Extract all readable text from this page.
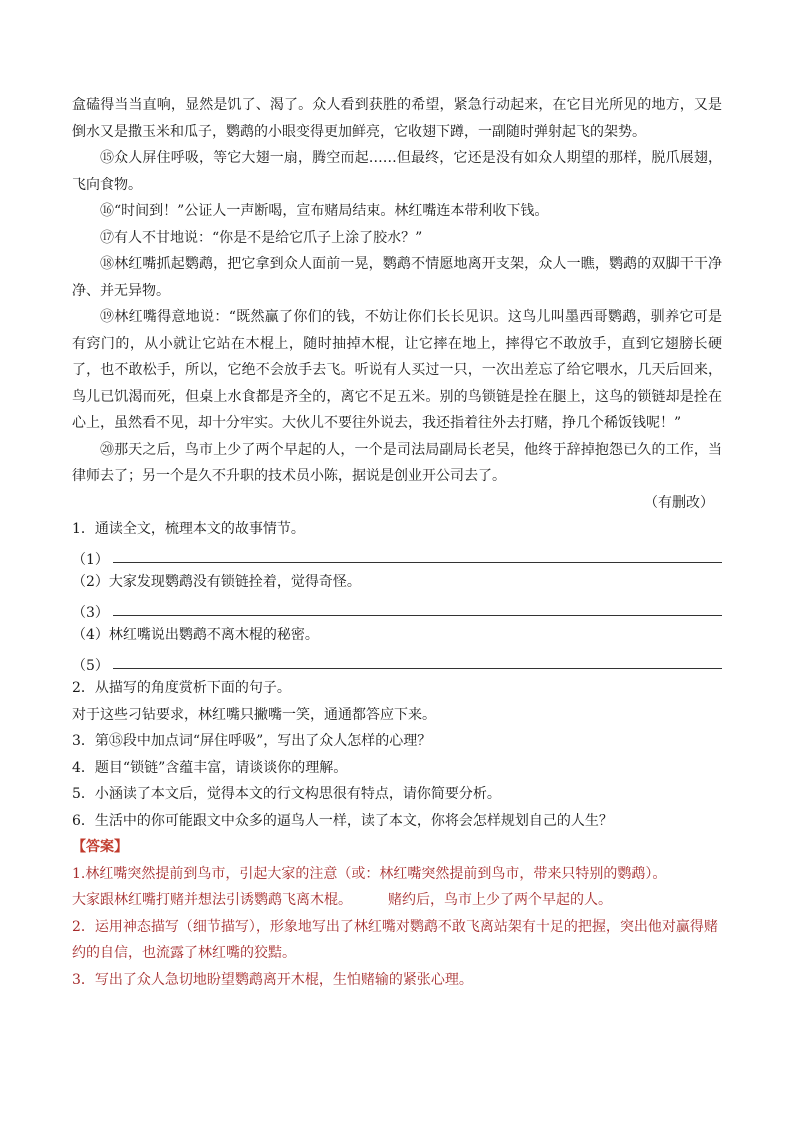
盒磕得当当直响，显然是饥了、渴了。众人看到获胜的希望，紧急行动起来，在它目光所见的地方，又是倒水又是撒玉米和瓜子，鹦鹉的小眼变得更加鲜亮，它收翅下蹲，一副随时弹射起飞的架势。

⑮众人屏住呼吸，等它大翅一扇，腾空而起……但最终，它还是没有如众人期望的那样，脱爪展翅，飞向食物。

⑯“时间到！”公证人一声断喝，宣布赌局结束。林红嘴连本带利收下钱。

⑰有人不甘地说：“你是不是给它爪子上涂了胶水？”

⑱林红嘴抓起鹦鹉，把它拿到众人面前一晃，鹦鹉不情愿地离开支架，众人一瞧，鹦鹉的双脚干干净净、并无异物。

⑲林红嘴得意地说：“既然赢了你们的钱，不妨让你们长长见识。这鸟儿叫墨西哥鹦鹉，驯养它可是有窍门的，从小就让它站在木棍上，随时抽掉木棍，让它摔在地上，摔得它不敢放手，直到它翅膀长硬了，也不敢松手，所以，它绝不会放手去飞。听说有人买过一只，一次出差忘了给它喂水，几天后回来，鸟儿已饥渴而死，但桌上水食都是齐全的，离它不足五米。别的鸟锁链是拴在腿上，这鸟的锁链却是拴在心上，虽然看不见，却十分牢实。大伙儿不要往外说去，我还指着往外去打赌，挣几个稀饭钱呢！”

⑳那天之后，鸟市上少了两个早起的人，一个是司法局副局长老吴，他终于辞掉抱怨已久的工作，当律师去了；另一个是久不升职的技术员小陈，据说是创业开公司去了。

（有删改）

1．通读全文，梳理本文的故事情节。

（1）

（2）大家发现鹦鹉没有锁链拴着，觉得奇怪。

（3）

（4）林红嘴说出鹦鹉不离木棍的秘密。

（5）

2．从描写的角度赏析下面的句子。

对于这些刁钻要求，林红嘴只撇嘴一笑，通通都答应下来。

3．第⑮段中加点词“屏住呼吸”，写出了众人怎样的心理？

4．题目“锁链”含蕴丰富，请谈谈你的理解。

5．小涵读了本文后，觉得本文的行文构思很有特点，请你简要分析。

6．生活中的你可能跟文中众多的逼鸟人一样，读了本文，你将会怎样规划自己的人生？

【答案】

1.林红嘴突然提前到鸟市，引起大家的注意（或：林红嘴突然提前到鸟市，带来只特别的鹦鹉）。

大家跟林红嘴打赌并想法引诱鹦鹉飞离木棍。	赌约后，鸟市上少了两个早起的人。

2．运用神态描写（细节描写），形象地写出了林红嘴对鹦鹉不敢飞离站架有十足的把握，突出他对赢得赌约的自信，也流露了林红嘴的狡黠。

3．写出了众人急切地盼望鹦鹉离开木棍，生怕赌输的紧张心理。
